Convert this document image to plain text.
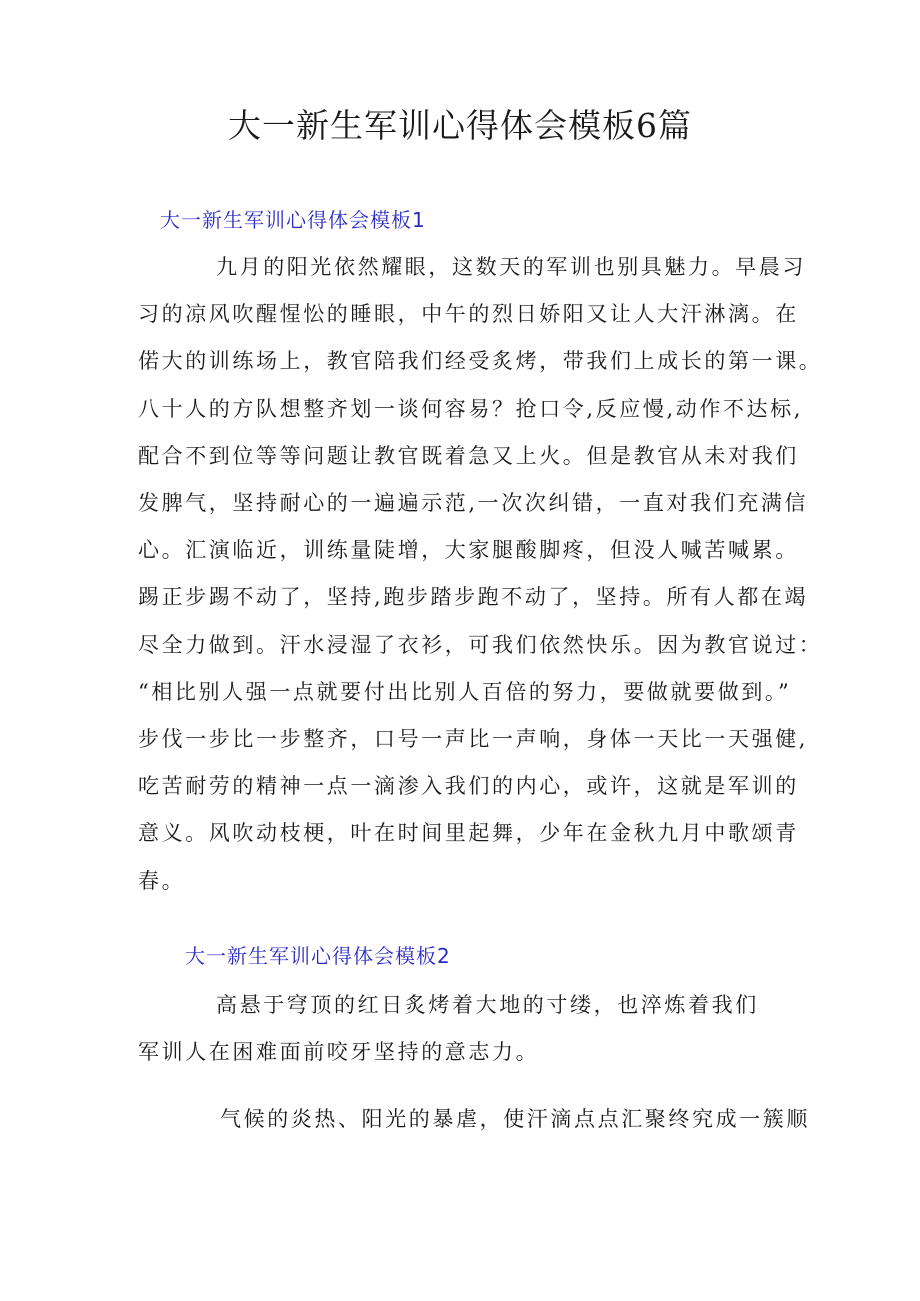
大一新生军训心得体会模板6篇
大一新生军训心得体会模板1
九月的阳光依然耀眼，这数天的军训也别具魅力。早晨习
习的凉风吹醒惺忪的睡眼，中午的烈日娇阳又让人大汗淋漓。在
偌大的训练场上，教官陪我们经受炙烤，带我们上成长的第一课。
八十人的方队想整齐划一谈何容易？抢口令,反应慢,动作不达标,
配合不到位等等问题让教官既着急又上火。但是教官从未对我们
发脾气，坚持耐心的一遍遍示范,一次次纠错，一直对我们充满信
心。汇演临近，训练量陡增，大家腿酸脚疼，但没人喊苦喊累。
踢正步踢不动了，坚持,跑步踏步跑不动了，坚持。所有人都在竭
尽全力做到。汗水浸湿了衣衫，可我们依然快乐。因为教官说过：
“相比别人强一点就要付出比别人百倍的努力，要做就要做到。”
步伐一步比一步整齐，口号一声比一声响，身体一天比一天强健,
吃苦耐劳的精神一点一滴渗入我们的内心，或许，这就是军训的
意义。风吹动枝梗，叶在时间里起舞，少年在金秋九月中歌颂青
春。
大一新生军训心得体会模板2
高悬于穹顶的红日炙烤着大地的寸缕，也淬炼着我们
军训人在困难面前咬牙坚持的意志力。
气候的炎热、阳光的暴虐，使汗滴点点汇聚终究成一簇顺
